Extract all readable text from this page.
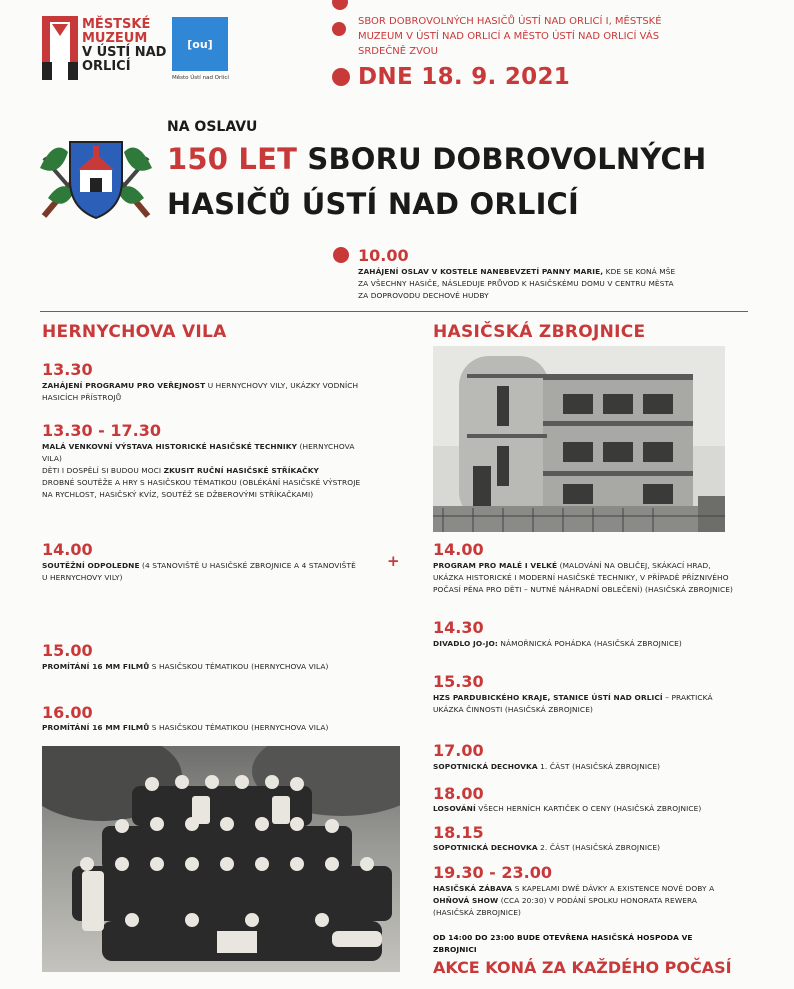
MĚSTSKÉ
MUZEUM
V ÚSTÍ NAD
ORLICÍ
[ou]
Město Ústí nad Orlicí
SBOR DOBROVOLNÝCH HASIČŮ ÚSTÍ NAD ORLICÍ I, MĚSTSKÉ MUZEUM V ÚSTÍ NAD ORLICÍ A MĚSTO ÚSTÍ NAD ORLICÍ VÁS SRDEČNĚ ZVOU
DNE 18. 9. 2021
NA OSLAVU
150 LET SBORU DOBROVOLNÝCH
HASIČŮ ÚSTÍ NAD ORLICÍ
10.00
ZAHÁJENÍ OSLAV V KOSTELE NANEBEVZETÍ PANNY MARIE, KDE SE KONÁ MŠE ZA VŠECHNY HASIČE, NÁSLEDUJE PRŮVOD K HASIČSKÉMU DOMU V CENTRU MĚSTA ZA DOPROVODU DECHOVÉ HUDBY
HERNYCHOVA VILA
13.30
ZAHÁJENÍ PROGRAMU PRO VEŘEJNOST U HERNYCHOVY VILY, UKÁZKY VODNÍCH HASICÍCH PŘÍSTROJŮ
13.30 - 17.30
MALÁ VENKOVNÍ VÝSTAVA HISTORICKÉ HASIČSKÉ TECHNIKY (HERNYCHOVA VILA)
DĚTI I DOSPĚLÍ SI BUDOU MOCI ZKUSIT RUČNÍ HASIČSKÉ STŘÍKAČKY
DROBNÉ SOUTĚŽE A HRY S HASIČSKOU TÉMATIKOU (OBLÉKÁNÍ HASIČSKÉ VÝSTROJE NA RYCHLOST, HASIČSKÝ KVÍZ, SOUTĚŽ SE DŽBEROVÝMI STŘÍKAČKAMI)
14.00
SOUTĚŽNÍ ODPOLEDNE (4 STANOVIŠTĚ U HASIČSKÉ ZBROJNICE A 4 STANOVIŠTĚ U HERNYCHOVY VILY)
+
15.00
PROMÍTÁNÍ 16 MM FILMŮ S HASIČSKOU TÉMATIKOU (HERNYCHOVA VILA)
16.00
PROMÍTÁNÍ 16 MM FILMŮ S HASIČSKOU TÉMATIKOU (HERNYCHOVA VILA)
HASIČSKÁ ZBROJNICE
14.00
PROGRAM PRO MALÉ I VELKÉ (MALOVÁNÍ NA OBLIČEJ, SKÁKACÍ HRAD, UKÁZKA HISTORICKÉ I MODERNÍ HASIČSKÉ TECHNIKY, V PŘÍPADĚ PŘÍZNIVÉHO POČASÍ PĚNA PRO DĚTI – NUTNÉ NÁHRADNÍ OBLEČENÍ) (HASIČSKÁ ZBROJNICE)
14.30
DIVADLO JO-JO: NÁMOŘNICKÁ POHÁDKA (HASIČSKÁ ZBROJNICE)
15.30
HZS PARDUBICKÉHO KRAJE, STANICE ÚSTÍ NAD ORLICÍ – PRAKTICKÁ UKÁZKA ČINNOSTI (HASIČSKÁ ZBROJNICE)
17.00
SOPOTNICKÁ DECHOVKA 1. ČÁST (HASIČSKÁ ZBROJNICE)
18.00
LOSOVÁNÍ VŠECH HERNÍCH KARTIČEK O CENY (HASIČSKÁ ZBROJNICE)
18.15
SOPOTNICKÁ DECHOVKA 2. ČÁST (HASIČSKÁ ZBROJNICE)
19.30 - 23.00
HASIČSKÁ ZÁBAVA S KAPELAMI DWĚ DÁVKY A EXISTENCE NOVÉ DOBY A OHŇOVÁ SHOW (CCA 20:30) V PODÁNÍ SPOLKU HONORATA REWERA (HASIČSKÁ ZBROJNICE)
OD 14:00 DO 23:00 BUDE OTEVŘENA HASIČSKÁ HOSPODA VE ZBROJNICI
AKCE KONÁ ZA KAŽDÉHO POČASÍ
